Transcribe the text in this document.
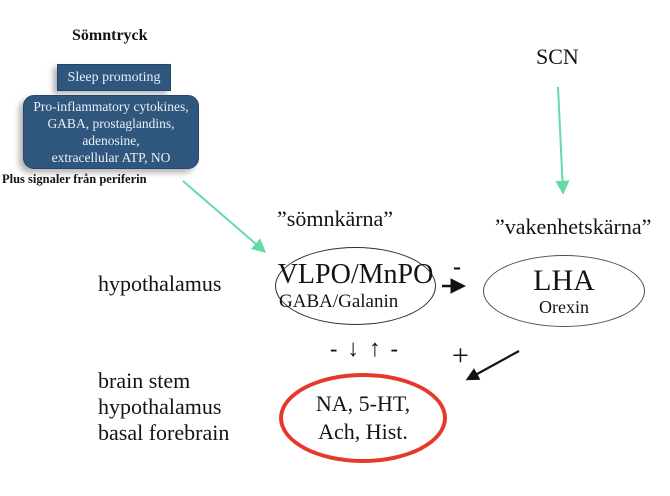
Sömntryck
Sleep promoting
Pro-inflammatory cytokines,
GABA, prostaglandins,
adenosine,
extracellular ATP, NO
Plus signaler från periferin
SCN
”sömnkärna”	”vakenhetskärna”
hypothalamus VLPO/MnPO
GABA/Galanin
LHA
Orexin
-
+
- ↓ ↑ -
NA, 5-HT,
Ach, Hist.
brain stem
hypothalamus
basal forebrain
